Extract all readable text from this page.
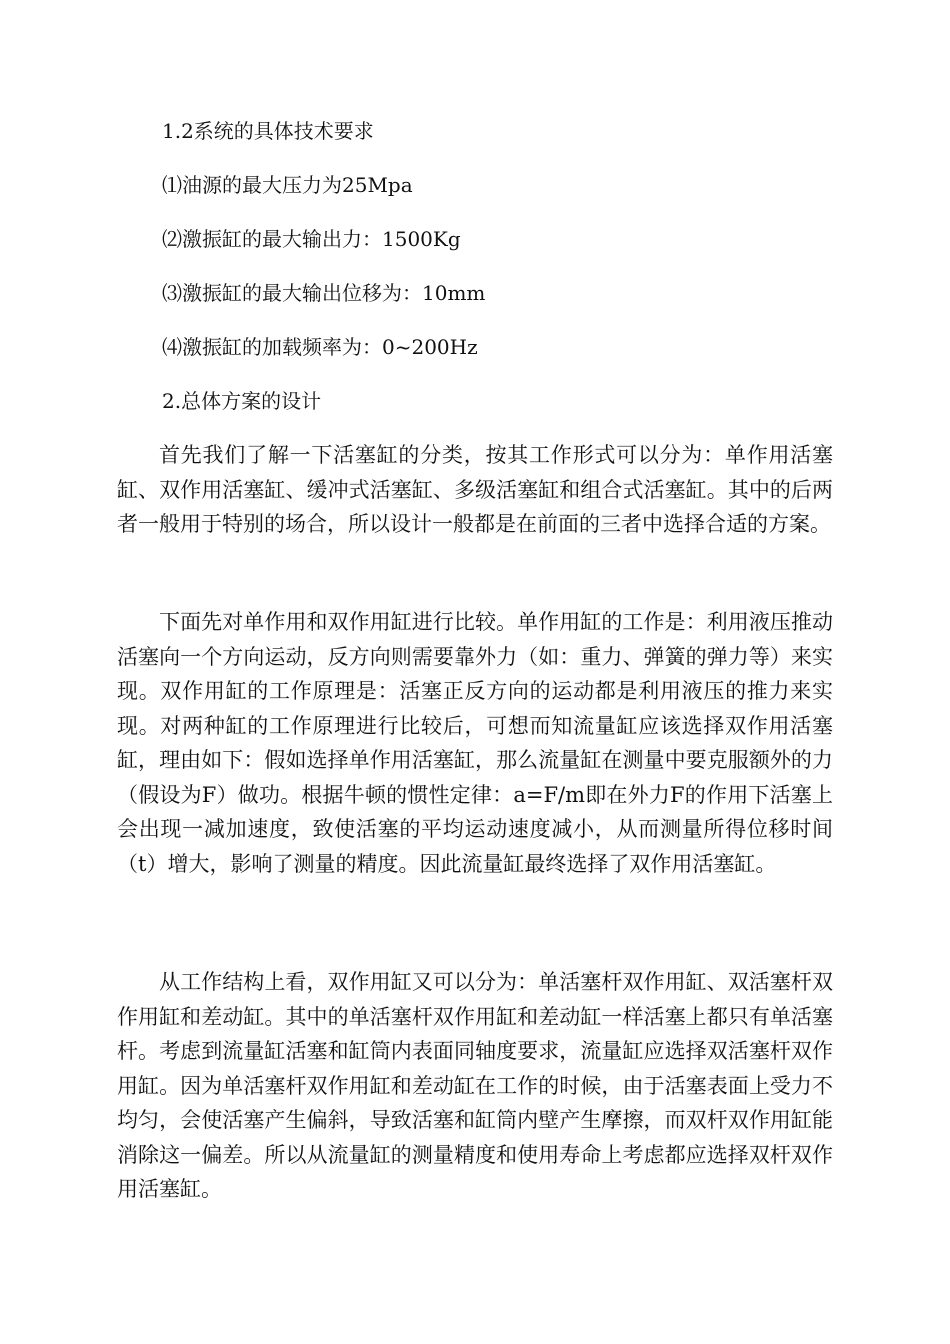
1.2系统的具体技术要求
⑴油源的最大压力为25Mpa
⑵激振缸的最大输出力：1500Kg
⑶激振缸的最大输出位移为：10mm
⑷激振缸的加载频率为：0~200Hz
2.总体方案的设计

首先我们了解一下活塞缸的分类，按其工作形式可以分为：单作用活塞缸、双作用活塞缸、缓冲式活塞缸、多级活塞缸和组合式活塞缸。其中的后两者一般用于特别的场合，所以设计一般都是在前面的三者中选择合适的方案。

下面先对单作用和双作用缸进行比较。单作用缸的工作是：利用液压推动活塞向一个方向运动，反方向则需要靠外力（如：重力、弹簧的弹力等）来实现。双作用缸的工作原理是：活塞正反方向的运动都是利用液压的推力来实现。对两种缸的工作原理进行比较后，可想而知流量缸应该选择双作用活塞缸，理由如下：假如选择单作用活塞缸，那么流量缸在测量中要克服额外的力（假设为F）做功。根据牛顿的惯性定律：a=F/m即在外力F的作用下活塞上会出现一减加速度，致使活塞的平均运动速度减小，从而测量所得位移时间（t）增大，影响了测量的精度。因此流量缸最终选择了双作用活塞缸。

从工作结构上看，双作用缸又可以分为：单活塞杆双作用缸、双活塞杆双作用缸和差动缸。其中的单活塞杆双作用缸和差动缸一样活塞上都只有单活塞杆。考虑到流量缸活塞和缸筒内表面同轴度要求，流量缸应选择双活塞杆双作用缸。因为单活塞杆双作用缸和差动缸在工作的时候，由于活塞表面上受力不均匀，会使活塞产生偏斜，导致活塞和缸筒内壁产生摩擦，而双杆双作用缸能消除这一偏差。所以从流量缸的测量精度和使用寿命上考虑都应选择双杆双作用活塞缸。
